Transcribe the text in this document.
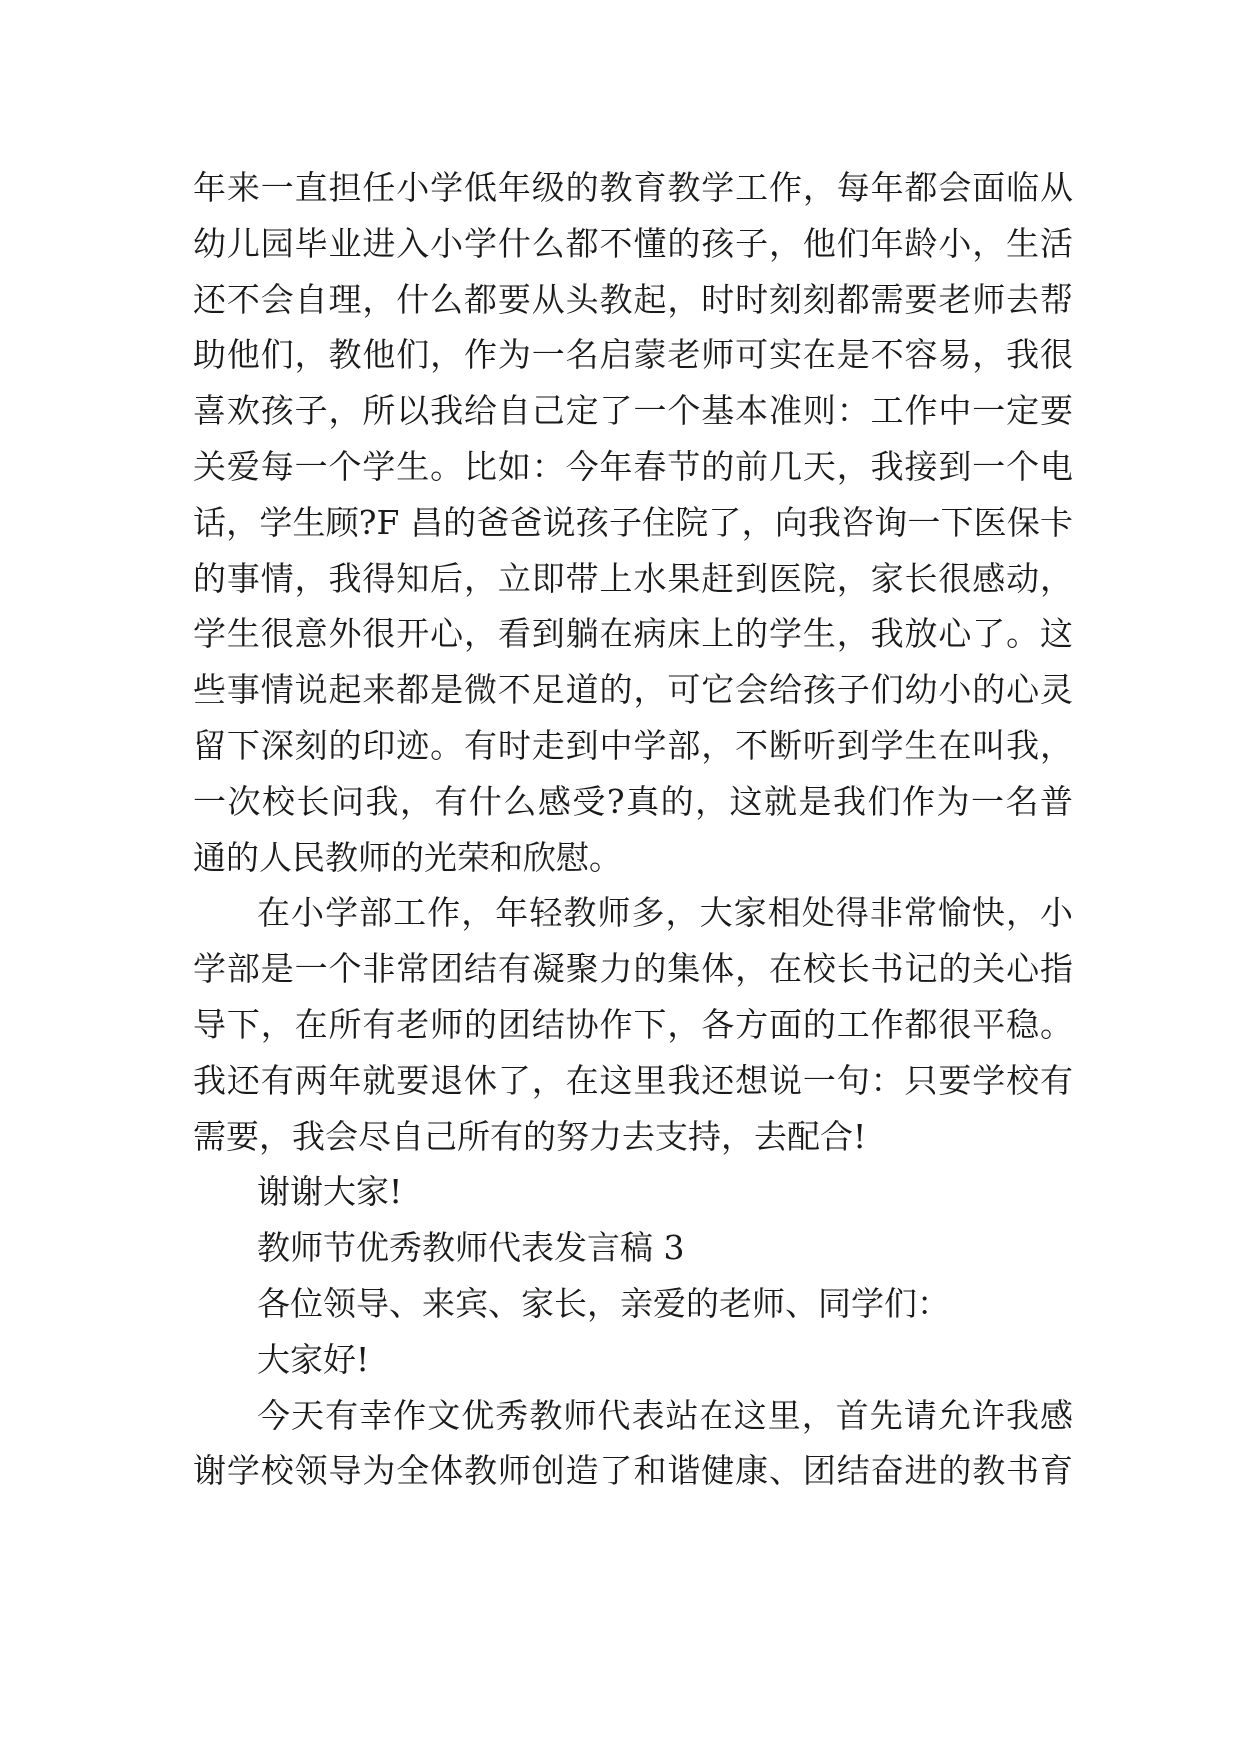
年来一直担任小学低年级的教育教学工作，每年都会面临从
幼儿园毕业进入小学什么都不懂的孩子，他们年龄小，生活
还不会自理，什么都要从头教起，时时刻刻都需要老师去帮
助他们，教他们，作为一名启蒙老师可实在是不容易，我很
喜欢孩子，所以我给自己定了一个基本准则：工作中一定要
关爱每一个学生。比如：今年春节的前几天，我接到一个电
话，学生顾?F 昌的爸爸说孩子住院了，向我咨询一下医保卡
的事情，我得知后，立即带上水果赶到医院，家长很感动，
学生很意外很开心，看到躺在病床上的学生，我放心了。这
些事情说起来都是微不足道的，可它会给孩子们幼小的心灵
留下深刻的印迹。有时走到中学部，不断听到学生在叫我，
一次校长问我，有什么感受?真的，这就是我们作为一名普
通的人民教师的光荣和欣慰。
在小学部工作，年轻教师多，大家相处得非常愉快，小
学部是一个非常团结有凝聚力的集体，在校长书记的关心指
导下，在所有老师的团结协作下，各方面的工作都很平稳。
我还有两年就要退休了，在这里我还想说一句：只要学校有
需要，我会尽自己所有的努力去支持，去配合!
谢谢大家!
教师节优秀教师代表发言稿 3
各位领导、来宾、家长，亲爱的老师、同学们：
大家好!
今天有幸作文优秀教师代表站在这里，首先请允许我感
谢学校领导为全体教师创造了和谐健康、团结奋进的教书育
